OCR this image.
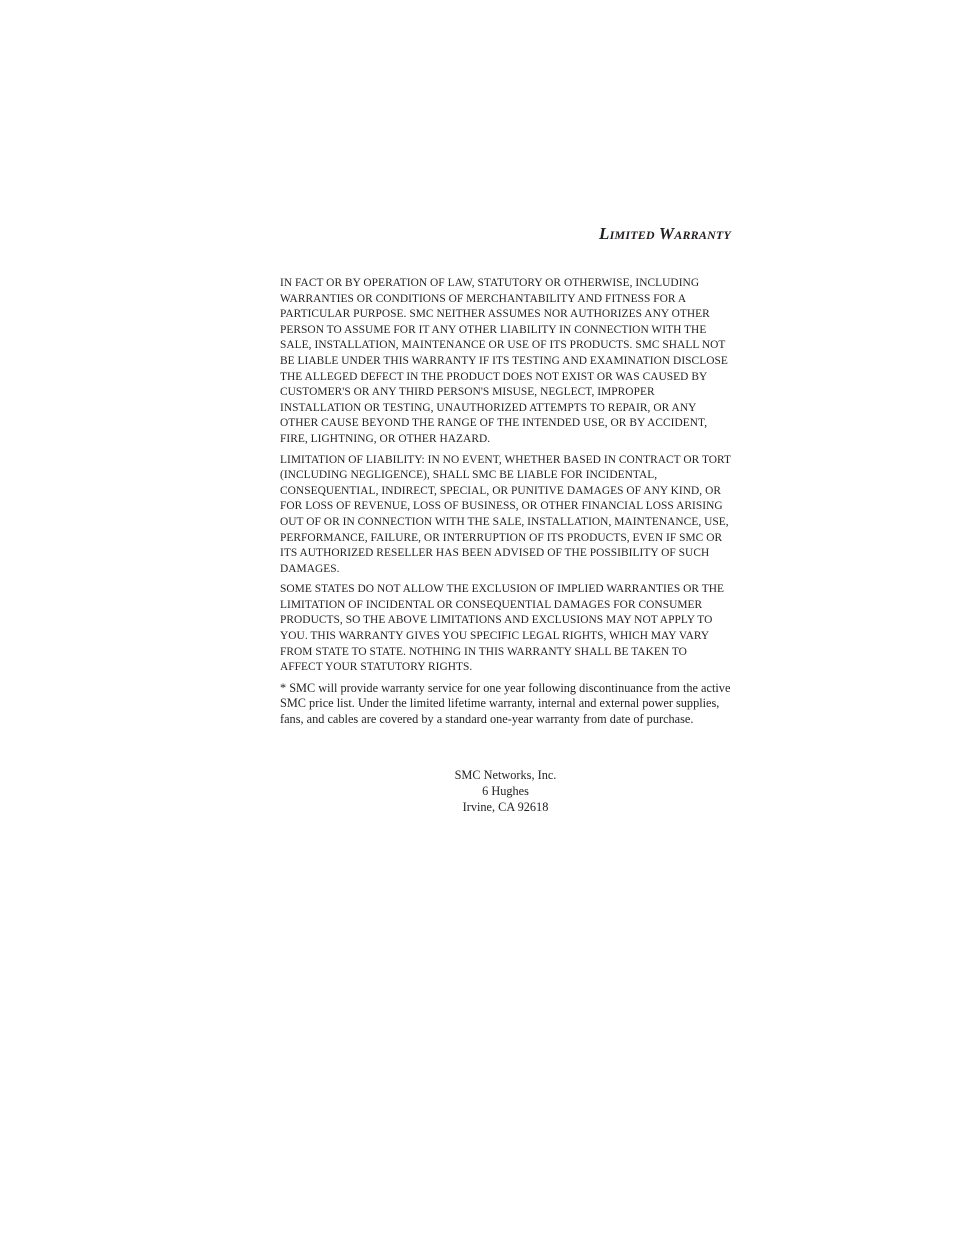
Limited Warranty

IN FACT OR BY OPERATION OF LAW, STATUTORY OR OTHERWISE, INCLUDING WARRANTIES OR CONDITIONS OF MERCHANTABILITY AND FITNESS FOR A PARTICULAR PURPOSE. SMC NEITHER ASSUMES NOR AUTHORIZES ANY OTHER PERSON TO ASSUME FOR IT ANY OTHER LIABILITY IN CONNECTION WITH THE SALE, INSTALLATION, MAINTENANCE OR USE OF ITS PRODUCTS. SMC SHALL NOT BE LIABLE UNDER THIS WARRANTY IF ITS TESTING AND EXAMINATION DISCLOSE THE ALLEGED DEFECT IN THE PRODUCT DOES NOT EXIST OR WAS CAUSED BY CUSTOMER'S OR ANY THIRD PERSON'S MISUSE, NEGLECT, IMPROPER INSTALLATION OR TESTING, UNAUTHORIZED ATTEMPTS TO REPAIR, OR ANY OTHER CAUSE BEYOND THE RANGE OF THE INTENDED USE, OR BY ACCIDENT, FIRE, LIGHTNING, OR OTHER HAZARD.

LIMITATION OF LIABILITY: IN NO EVENT, WHETHER BASED IN CONTRACT OR TORT (INCLUDING NEGLIGENCE), SHALL SMC BE LIABLE FOR INCIDENTAL, CONSEQUENTIAL, INDIRECT, SPECIAL, OR PUNITIVE DAMAGES OF ANY KIND, OR FOR LOSS OF REVENUE, LOSS OF BUSINESS, OR OTHER FINANCIAL LOSS ARISING OUT OF OR IN CONNECTION WITH THE SALE, INSTALLATION, MAINTENANCE, USE, PERFORMANCE, FAILURE, OR INTERRUPTION OF ITS PRODUCTS, EVEN IF SMC OR ITS AUTHORIZED RESELLER HAS BEEN ADVISED OF THE POSSIBILITY OF SUCH DAMAGES.

SOME STATES DO NOT ALLOW THE EXCLUSION OF IMPLIED WARRANTIES OR THE LIMITATION OF INCIDENTAL OR CONSEQUENTIAL DAMAGES FOR CONSUMER PRODUCTS, SO THE ABOVE LIMITATIONS AND EXCLUSIONS MAY NOT APPLY TO YOU. THIS WARRANTY GIVES YOU SPECIFIC LEGAL RIGHTS, WHICH MAY VARY FROM STATE TO STATE. NOTHING IN THIS WARRANTY SHALL BE TAKEN TO AFFECT YOUR STATUTORY RIGHTS.

* SMC will provide warranty service for one year following discontinuance from the active SMC price list. Under the limited lifetime warranty, internal and external power supplies, fans, and cables are covered by a standard one-year warranty from date of purchase.

SMC Networks, Inc.
6 Hughes
Irvine, CA 92618
